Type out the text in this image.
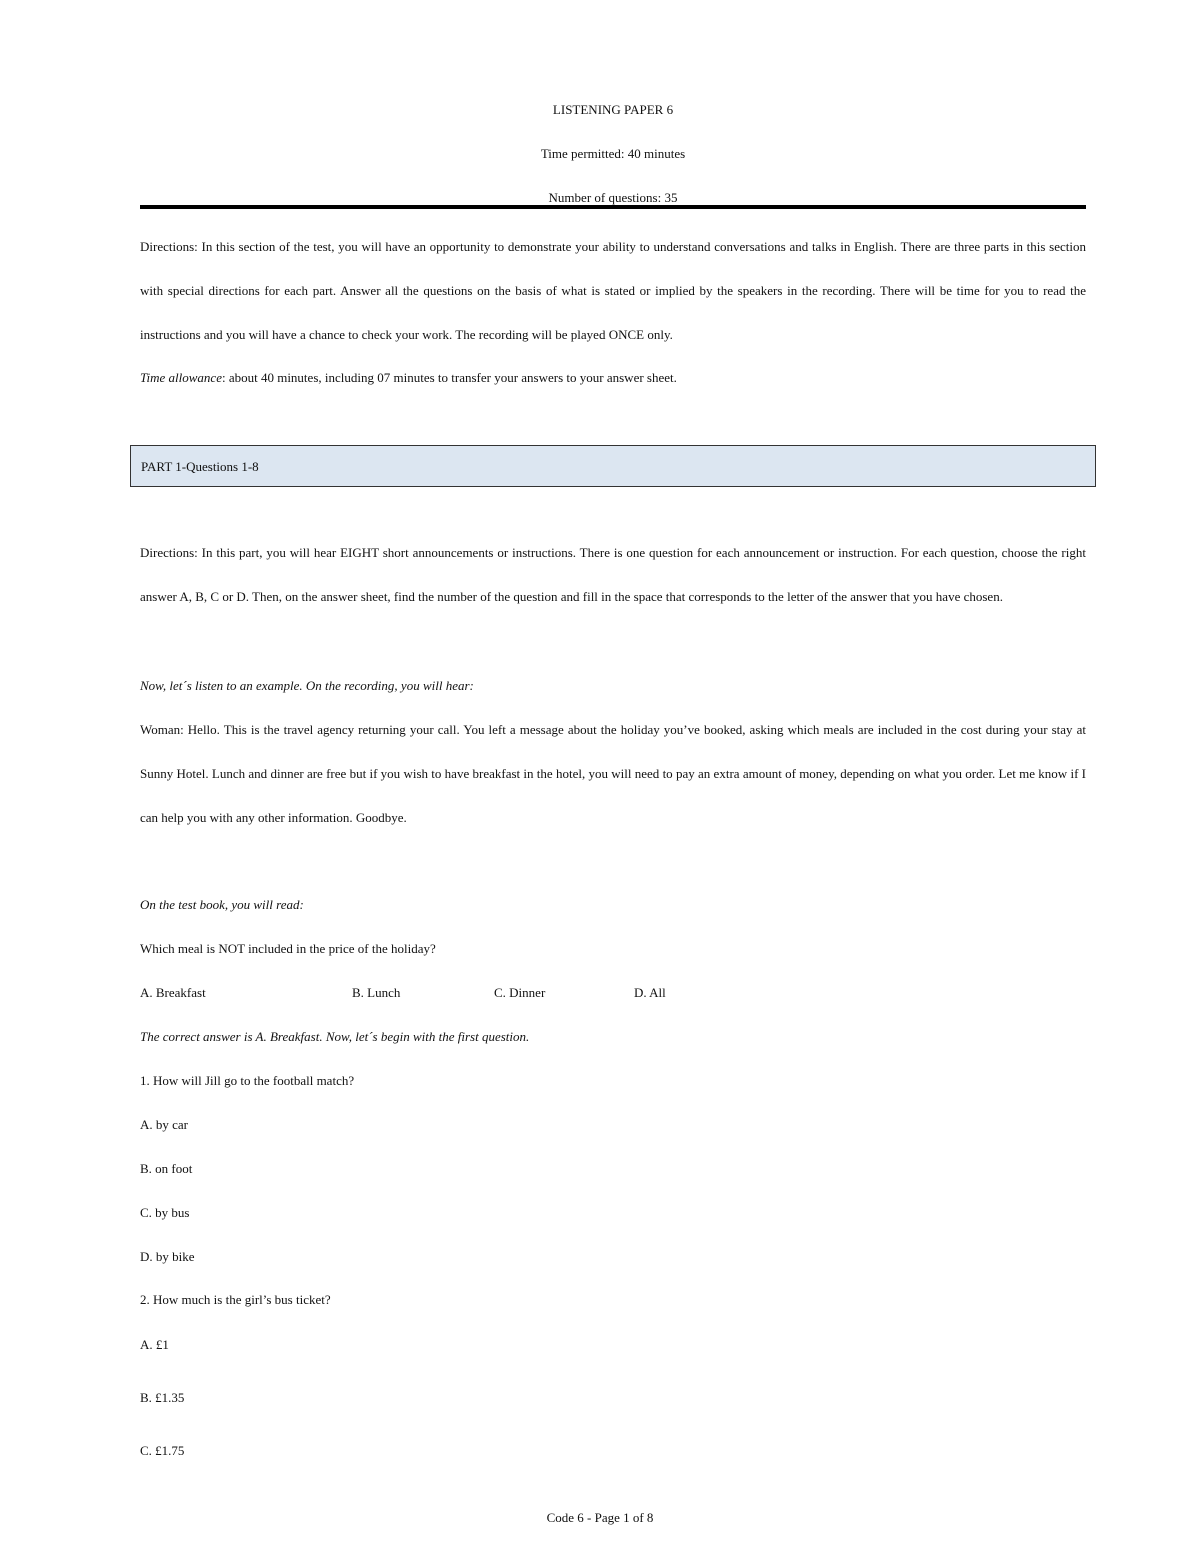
LISTENING PAPER 6

Time permitted: 40 minutes

Number of questions: 35

Directions: In this section of the test, you will have an opportunity to demonstrate your ability to understand conversations and talks in English. There are three parts in this section with special directions for each part. Answer all the questions on the basis of what is stated or implied by the speakers in the recording. There will be time for you to read the instructions and you will have a chance to check your work. The recording will be played ONCE only.

Time allowance: about 40 minutes, including 07 minutes to transfer your answers to your answer sheet.

PART 1-Questions 1-8

Directions: In this part, you will hear EIGHT short announcements or instructions. There is one question for each announcement or instruction. For each question, choose the right answer A, B, C or D. Then, on the answer sheet, find the number of the question and fill in the space that corresponds to the letter of the answer that you have chosen.

Now, let´s listen to an example. On the recording, you will hear:

Woman: Hello. This is the travel agency returning your call. You left a message about the holiday you’ve booked, asking which meals are included in the cost during your stay at Sunny Hotel. Lunch and dinner are free but if you wish to have breakfast in the hotel, you will need to pay an extra amount of money, depending on what you order. Let me know if I can help you with any other information. Goodbye.

On the test book, you will read:

Which meal is NOT included in the price of the holiday?

A. Breakfast	B. Lunch	C. Dinner	D. All

The correct answer is A. Breakfast. Now, let´s begin with the first question.

1. How will Jill go to the football match?

A. by car

B. on foot

C. by bus

D. by bike

2. How much is the girl’s bus ticket?

A. £1

B. £1.35

C. £1.75

Code 6 - Page 1 of 8
